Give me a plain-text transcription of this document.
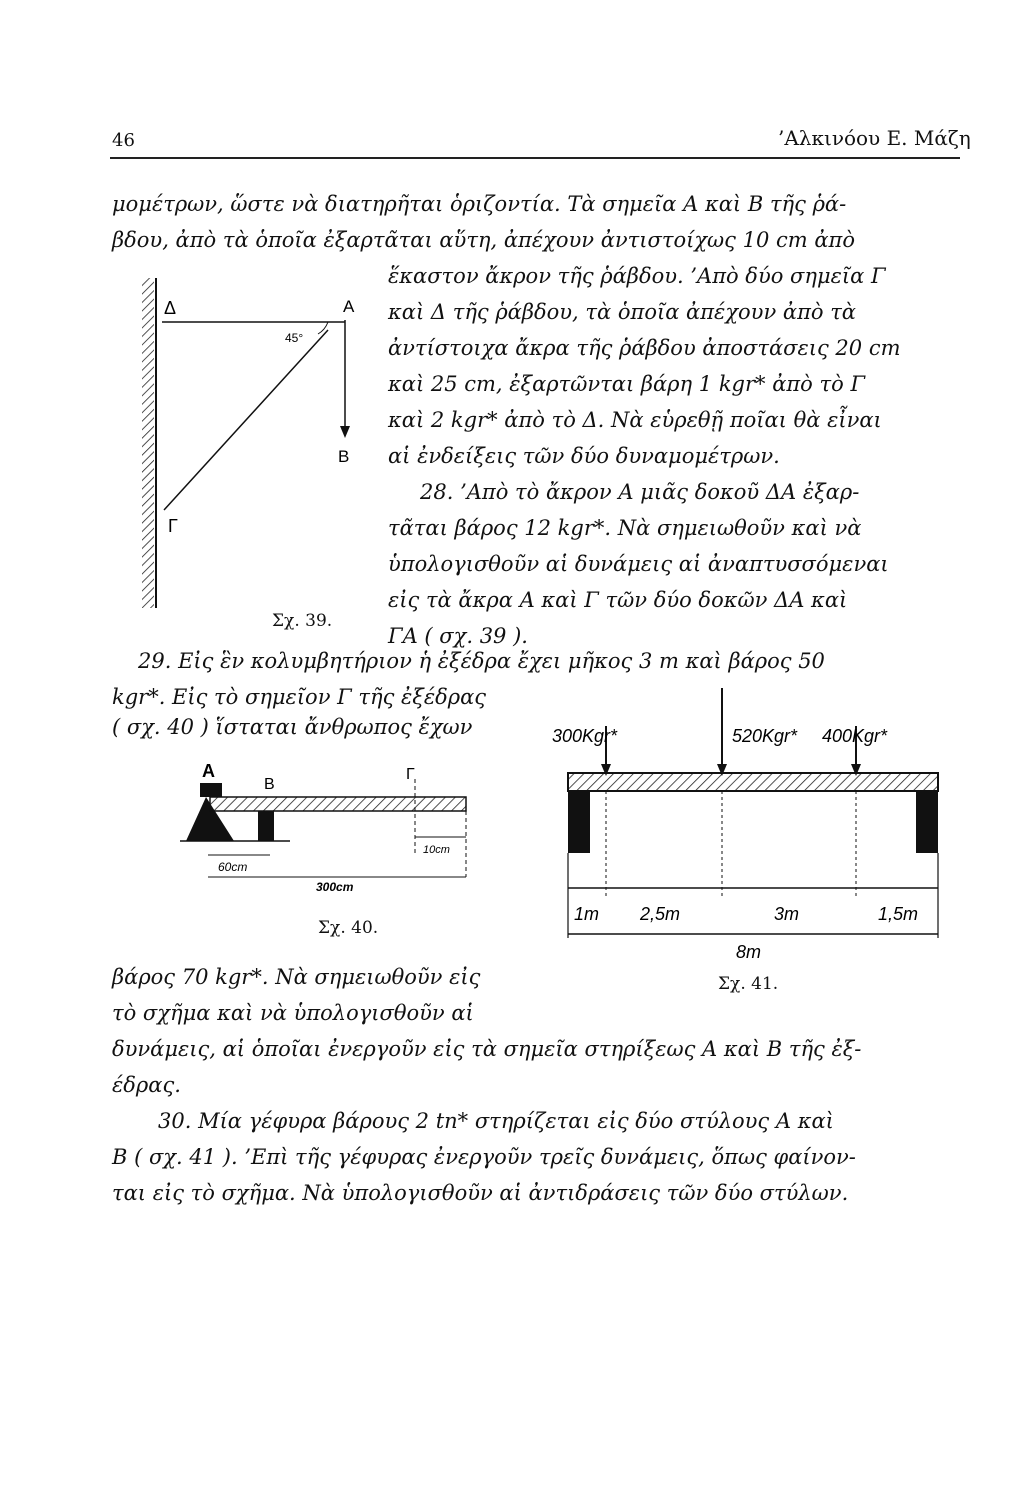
46	’Αλκινόου Ε. Μάζη
μομέτρων, ὥστε νὰ διατηρῆται ὁριζοντία. Τὰ σημεῖα Α καὶ Β τῆς ῥά-
βδου, ἀπὸ τὰ ὁποῖα ἐξαρτᾶται αὕτη, ἀπέχουν ἀντιστοίχως 10 cm ἀπὸ
ἕκαστον ἄκρον τῆς ῥάβδου. ’Απὸ δύο σημεῖα Γ
καὶ Δ τῆς ῥάβδου, τὰ ὁποῖα ἀπέχουν ἀπὸ τὰ
ἀντίστοιχα ἄκρα τῆς ῥάβδου ἀποστάσεις 20 cm
καὶ 25 cm, ἐξαρτῶνται βάρη 1 kgr* ἀπὸ τὸ Γ
καὶ 2 kgr* ἀπὸ τὸ Δ. Νὰ εὑρεθῇ ποῖαι θὰ εἶναι
αἱ ἐνδείξεις τῶν δύο δυναμομέτρων.
28. ’Απὸ τὸ ἄκρον Α μιᾶς δοκοῦ ΔΑ ἐξαρ-
τᾶται βάρος 12 kgr*. Νὰ σημειωθοῦν καὶ νὰ
ὑπολογισθοῦν αἱ δυνάμεις αἱ ἀναπτυσσόμεναι
εἰς τὰ ἄκρα Α καὶ Γ τῶν δύο δοκῶν ΔΑ καὶ
ΓΑ ( σχ. 39 ).
Δ	Α
Β
Γ
45°
Σχ. 39.
29. Εἰς ἓν κολυμβητήριον ἡ ἐξέδρα ἔχει μῆκος 3 m καὶ βάρος 50
kgr*. Εἰς τὸ σημεῖον Γ τῆς ἐξέδρας
( σχ. 40 ) ἵσταται ἄνθρωπος ἔχων
βάρος 70 kgr*. Νὰ σημειωθοῦν εἰς
τὸ σχῆμα καὶ νὰ ὑπολογισθοῦν αἱ
δυνάμεις, αἱ ὁποῖαι ἐνεργοῦν εἰς τὰ σημεῖα στηρίξεως Α καὶ Β τῆς ἐξ-
έδρας.
Α
Β
Γ
60cm
10cm
300cm
Σχ. 40.
300Kgr*	520Kgr* 400Kgr*
1m 2,5m	3m	1,5m
8m
Σχ. 41.
30. Μία γέφυρα βάρους 2 tn* στηρίζεται εἰς δύο στύλους Α καὶ
Β ( σχ. 41 ). ’Επὶ τῆς γέφυρας ἐνεργοῦν τρεῖς δυνάμεις, ὅπως φαίνον-
ται εἰς τὸ σχῆμα. Νὰ ὑπολογισθοῦν αἱ ἀντιδράσεις τῶν δύο στύλων.
